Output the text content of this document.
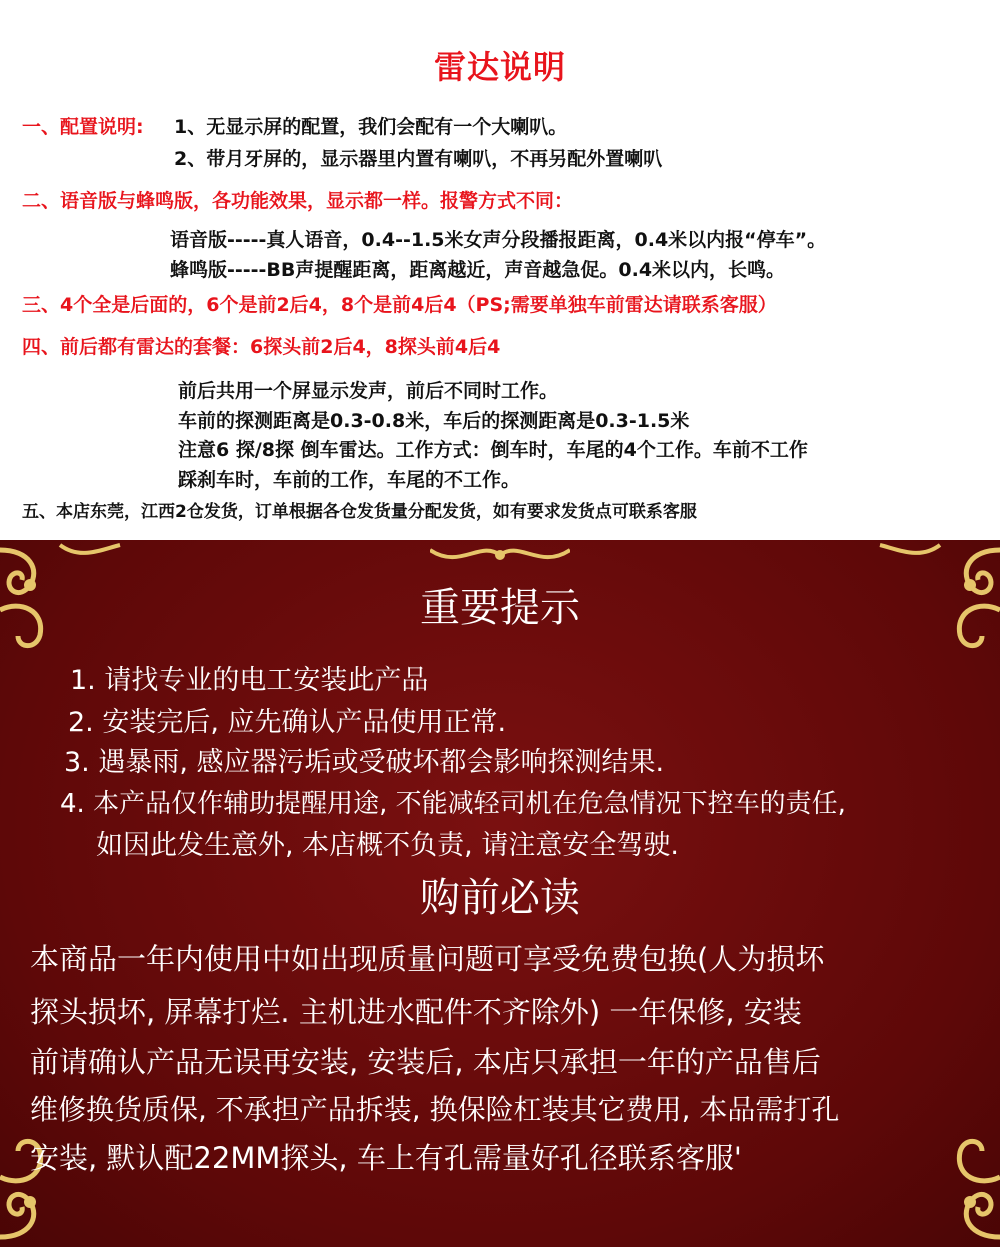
雷达说明
一、配置说明: 1、无显示屏的配置，我们会配有一个大喇叭。
2、带月牙屏的，显示器里内置有喇叭，不再另配外置喇叭
二、语音版与蜂鸣版，各功能效果，显示都一样。报警方式不同：
语音版-----真人语音，0.4--1.5米女声分段播报距离，0.4米以内报“停车”。
蜂鸣版-----BB声提醒距离，距离越近，声音越急促。0.4米以内，长鸣。
三、4个全是后面的，6个是前2后4，8个是前4后4（PS;需要单独车前雷达请联系客服）
四、前后都有雷达的套餐：6探头前2后4，8探头前4后4
前后共用一个屏显示发声，前后不同时工作。
车前的探测距离是0.3-0.8米，车后的探测距离是0.3-1.5米
注意6 探/8探 倒车雷达。工作方式：倒车时，车尾的4个工作。车前不工作
踩刹车时，车前的工作，车尾的不工作。
五、本店东莞，江西2仓发货，订单根据各仓发货量分配发货，如有要求发货点可联系客服
重要提示
1. 请找专业的电工安装此产品
2. 安装完后, 应先确认产品使用正常.
3. 遇暴雨, 感应器污垢或受破坏都会影响探测结果.
4. 本产品仅作辅助提醒用途, 不能减轻司机在危急情况下控车的责任,
如因此发生意外, 本店概不负责, 请注意安全驾驶.
购前必读
本商品一年内使用中如出现质量问题可享受免费包换(人为损坏
探头损坏, 屏幕打烂. 主机进水配件不齐除外) 一年保修, 安装
前请确认产品无误再安装, 安装后, 本店只承担一年的产品售后
维修换货质保, 不承担产品拆装, 换保险杠装其它费用, 本品需打孔
安装, 默认配22MM探头, 车上有孔需量好孔径联系客服'
